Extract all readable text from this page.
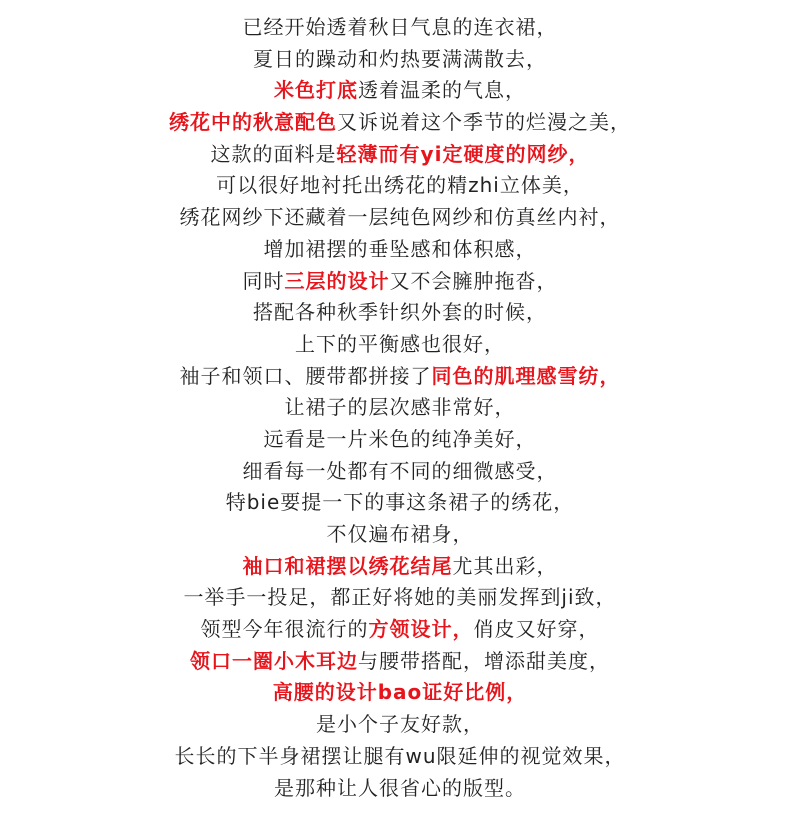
已经开始透着秋日气息的连衣裙，
夏日的躁动和灼热要满满散去，
米色打底透着温柔的气息，
绣花中的秋意配色又诉说着这个季节的烂漫之美，
这款的面料是轻薄而有yi定硬度的网纱，
可以很好地衬托出绣花的精zhi立体美，
绣花网纱下还藏着一层纯色网纱和仿真丝内衬，
增加裙摆的垂坠感和体积感，
同时三层的设计又不会臃肿拖沓，
搭配各种秋季针织外套的时候，
上下的平衡感也很好，
袖子和领口、腰带都拼接了同色的肌理感雪纺，
让裙子的层次感非常好，
远看是一片米色的纯净美好，
细看每一处都有不同的细微感受，
特bie要提一下的事这条裙子的绣花，
不仅遍布裙身，
袖口和裙摆以绣花结尾尤其出彩，
一举手一投足，都正好将她的美丽发挥到ji致，
领型今年很流行的方领设计，俏皮又好穿，
领口一圈小木耳边与腰带搭配，增添甜美度，
高腰的设计bao证好比例，
是小个子友好款，
长长的下半身裙摆让腿有wu限延伸的视觉效果，
是那种让人很省心的版型。
